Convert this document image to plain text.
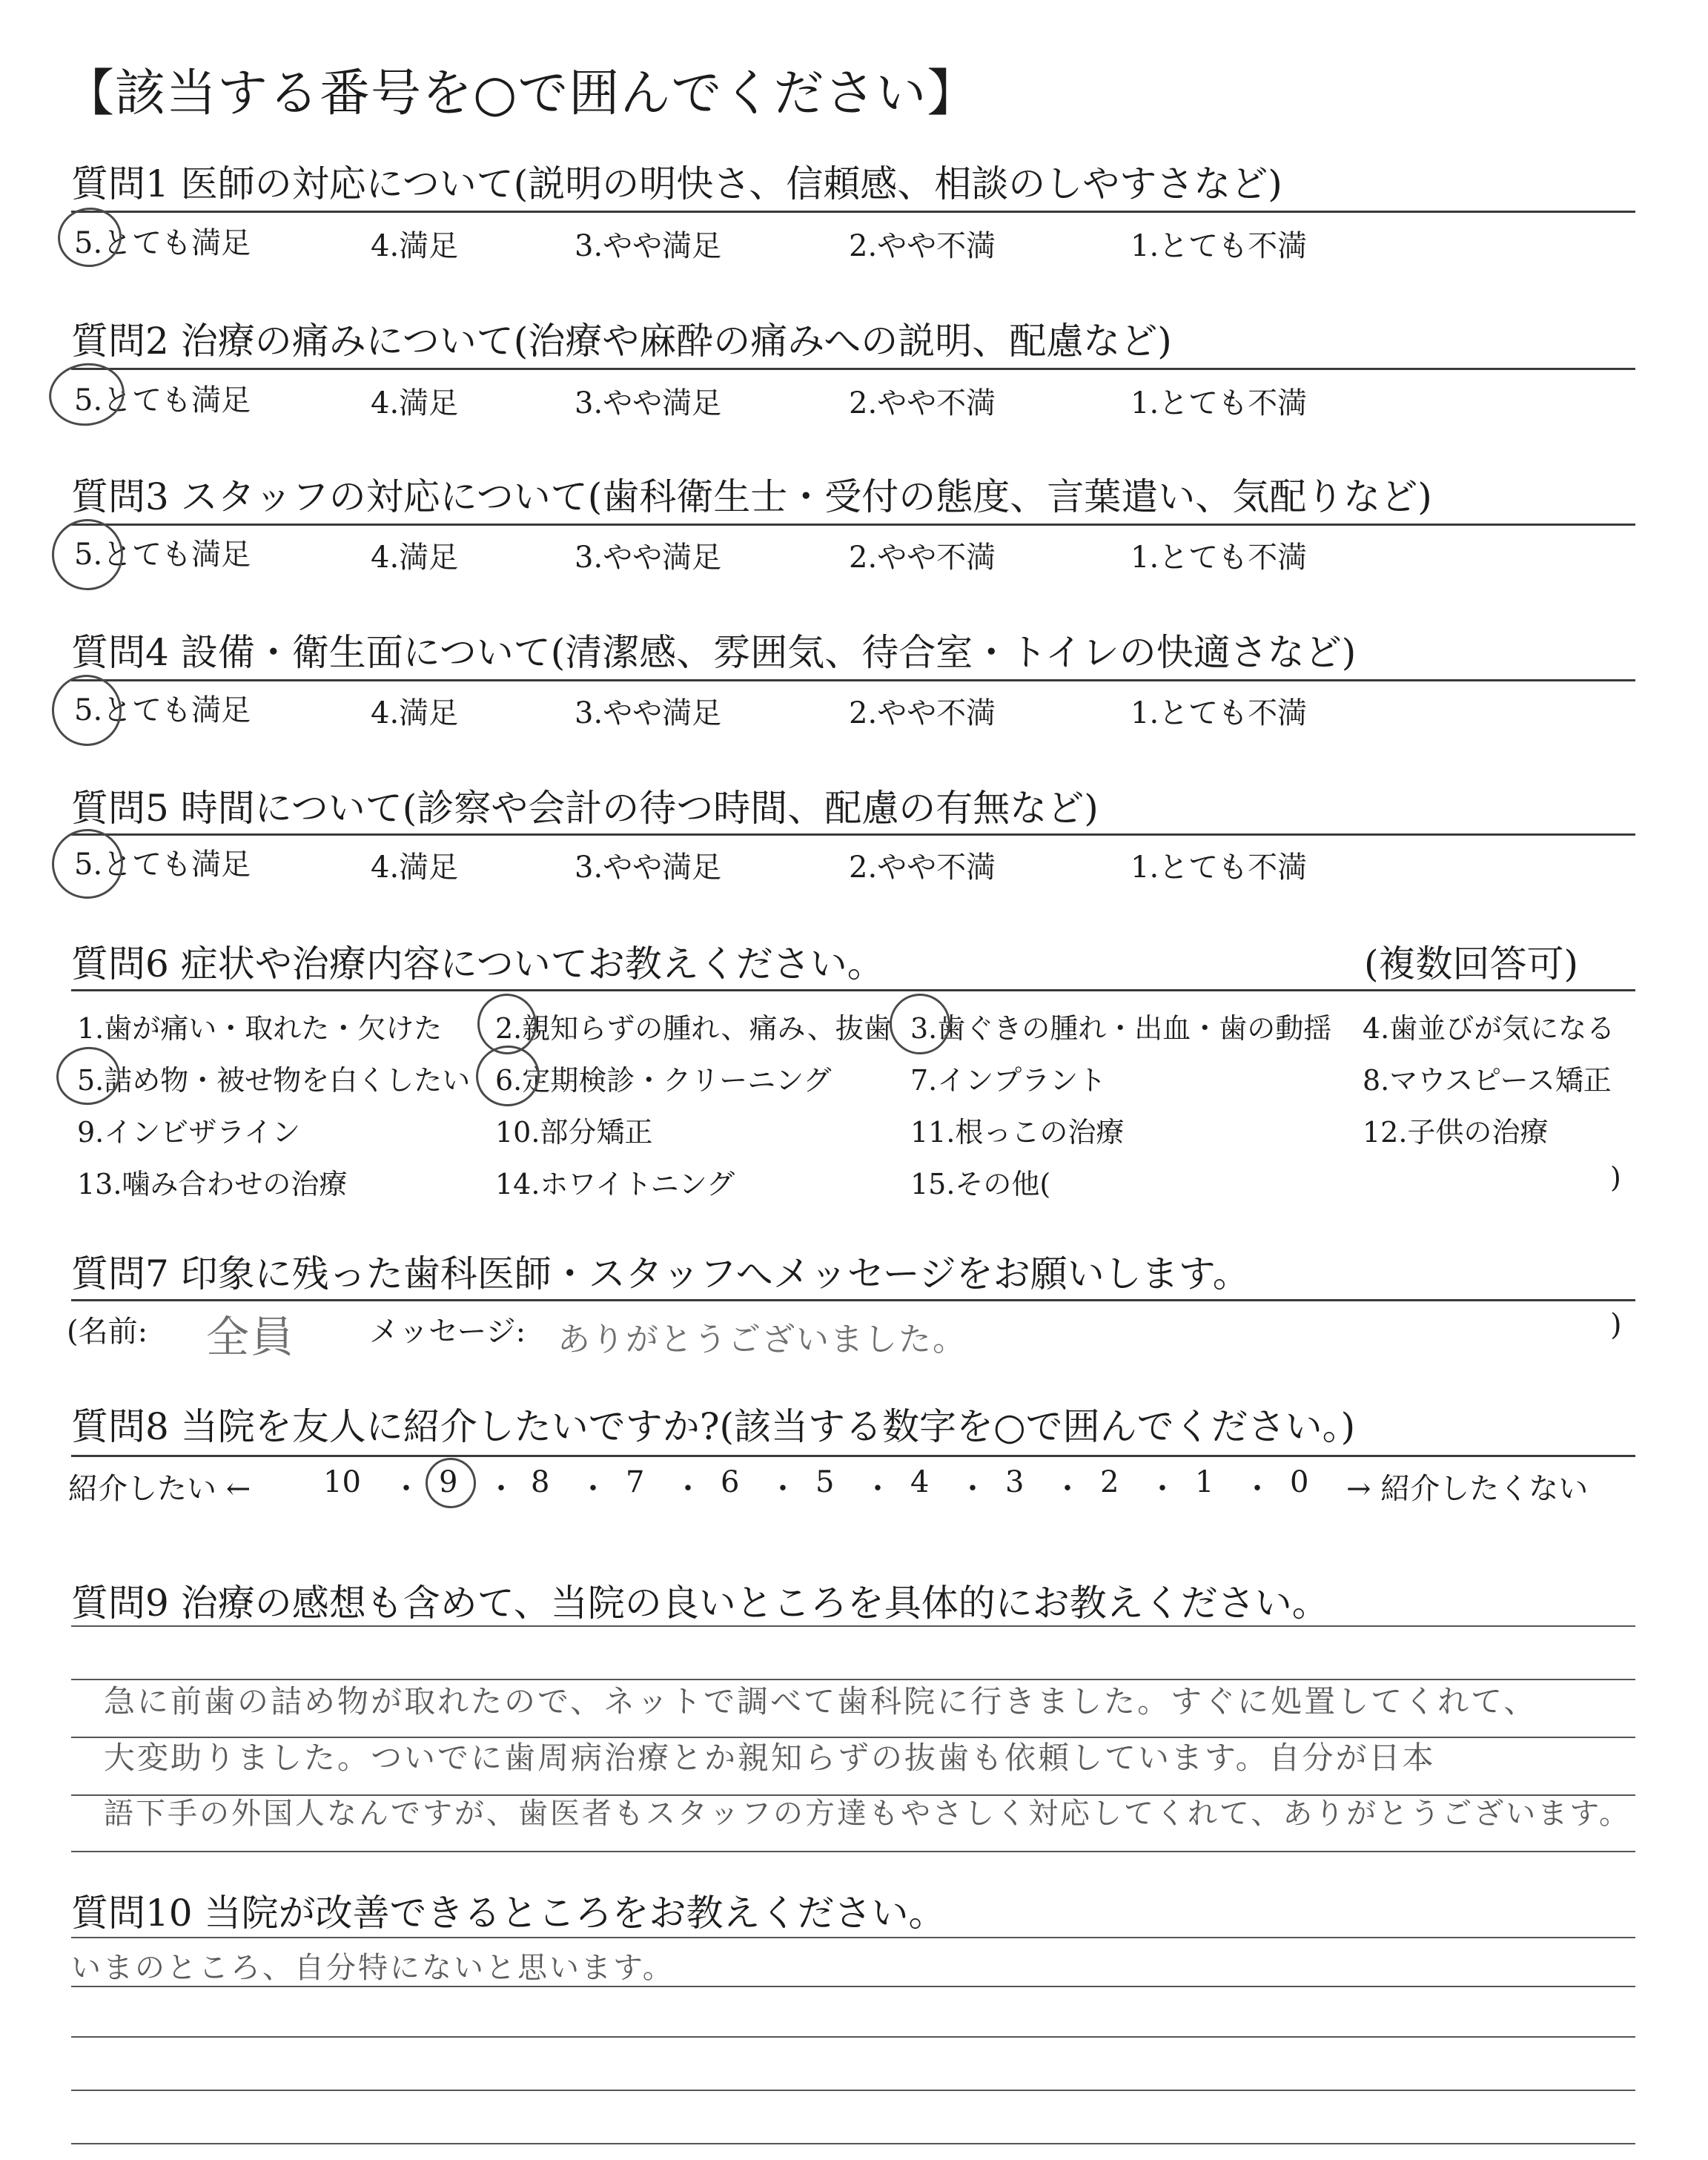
【該当する番号を○で囲んでください】
質問1 医師の対応について(説明の明快さ、信頼感、相談のしやすさなど)
5.とても満足	4.満足	3.やや満足	2.やや不満	1.とても不満
質問2 治療の痛みについて(治療や麻酔の痛みへの説明、配慮など)
5.とても満足	4.満足	3.やや満足	2.やや不満	1.とても不満
質問3 スタッフの対応について(歯科衛生士・受付の態度、言葉遣い、気配りなど)
5.とても満足	4.満足	3.やや満足	2.やや不満	1.とても不満
質問4 設備・衛生面について(清潔感、雰囲気、待合室・トイレの快適さなど)
5.とても満足	4.満足	3.やや満足	2.やや不満	1.とても不満
質問5 時間について(診察や会計の待つ時間、配慮の有無など)
5.とても満足	4.満足	3.やや満足	2.やや不満	1.とても不満
質問6 症状や治療内容についてお教えください。	(複数回答可)
1.歯が痛い・取れた・欠けた 2.親知らずの腫れ、痛み、抜歯 3.歯ぐきの腫れ・出血・歯の動揺 4.歯並びが気になる
5.詰め物・被せ物を白くしたい 6.定期検診・クリーニング	7.インプラント	8.マウスピース矯正
9.インビザライン	10.部分矯正	11.根っこの治療	12.子供の治療
13.噛み合わせの治療	14.ホワイトニング	15.その他(	)
質問7 印象に残った歯科医師・スタッフへメッセージをお願いします。
(名前: 全員 メッセージ: ありがとうございました。	)
質問8 当院を友人に紹介したいですか?(該当する数字を○で囲んでください。)
紹介したい ← 10 ・ 9 ・ 8 ・ 7 ・ 6 ・ 5 ・ 4 ・ 3 ・ 2 ・ 1 ・ 0 → 紹介したくない
質問9 治療の感想も含めて、当院の良いところを具体的にお教えください。
急に前歯の詰め物が取れたので、ネットで調べて歯科院に行きました。すぐに処置してくれて、
大変助りました。ついでに歯周病治療とか親知らずの抜歯も依頼しています。自分が日本
語下手の外国人なんですが、歯医者もスタッフの方達もやさしく対応してくれて、ありがとうございます。
質問10 当院が改善できるところをお教えください。
いまのところ、自分特にないと思います。
